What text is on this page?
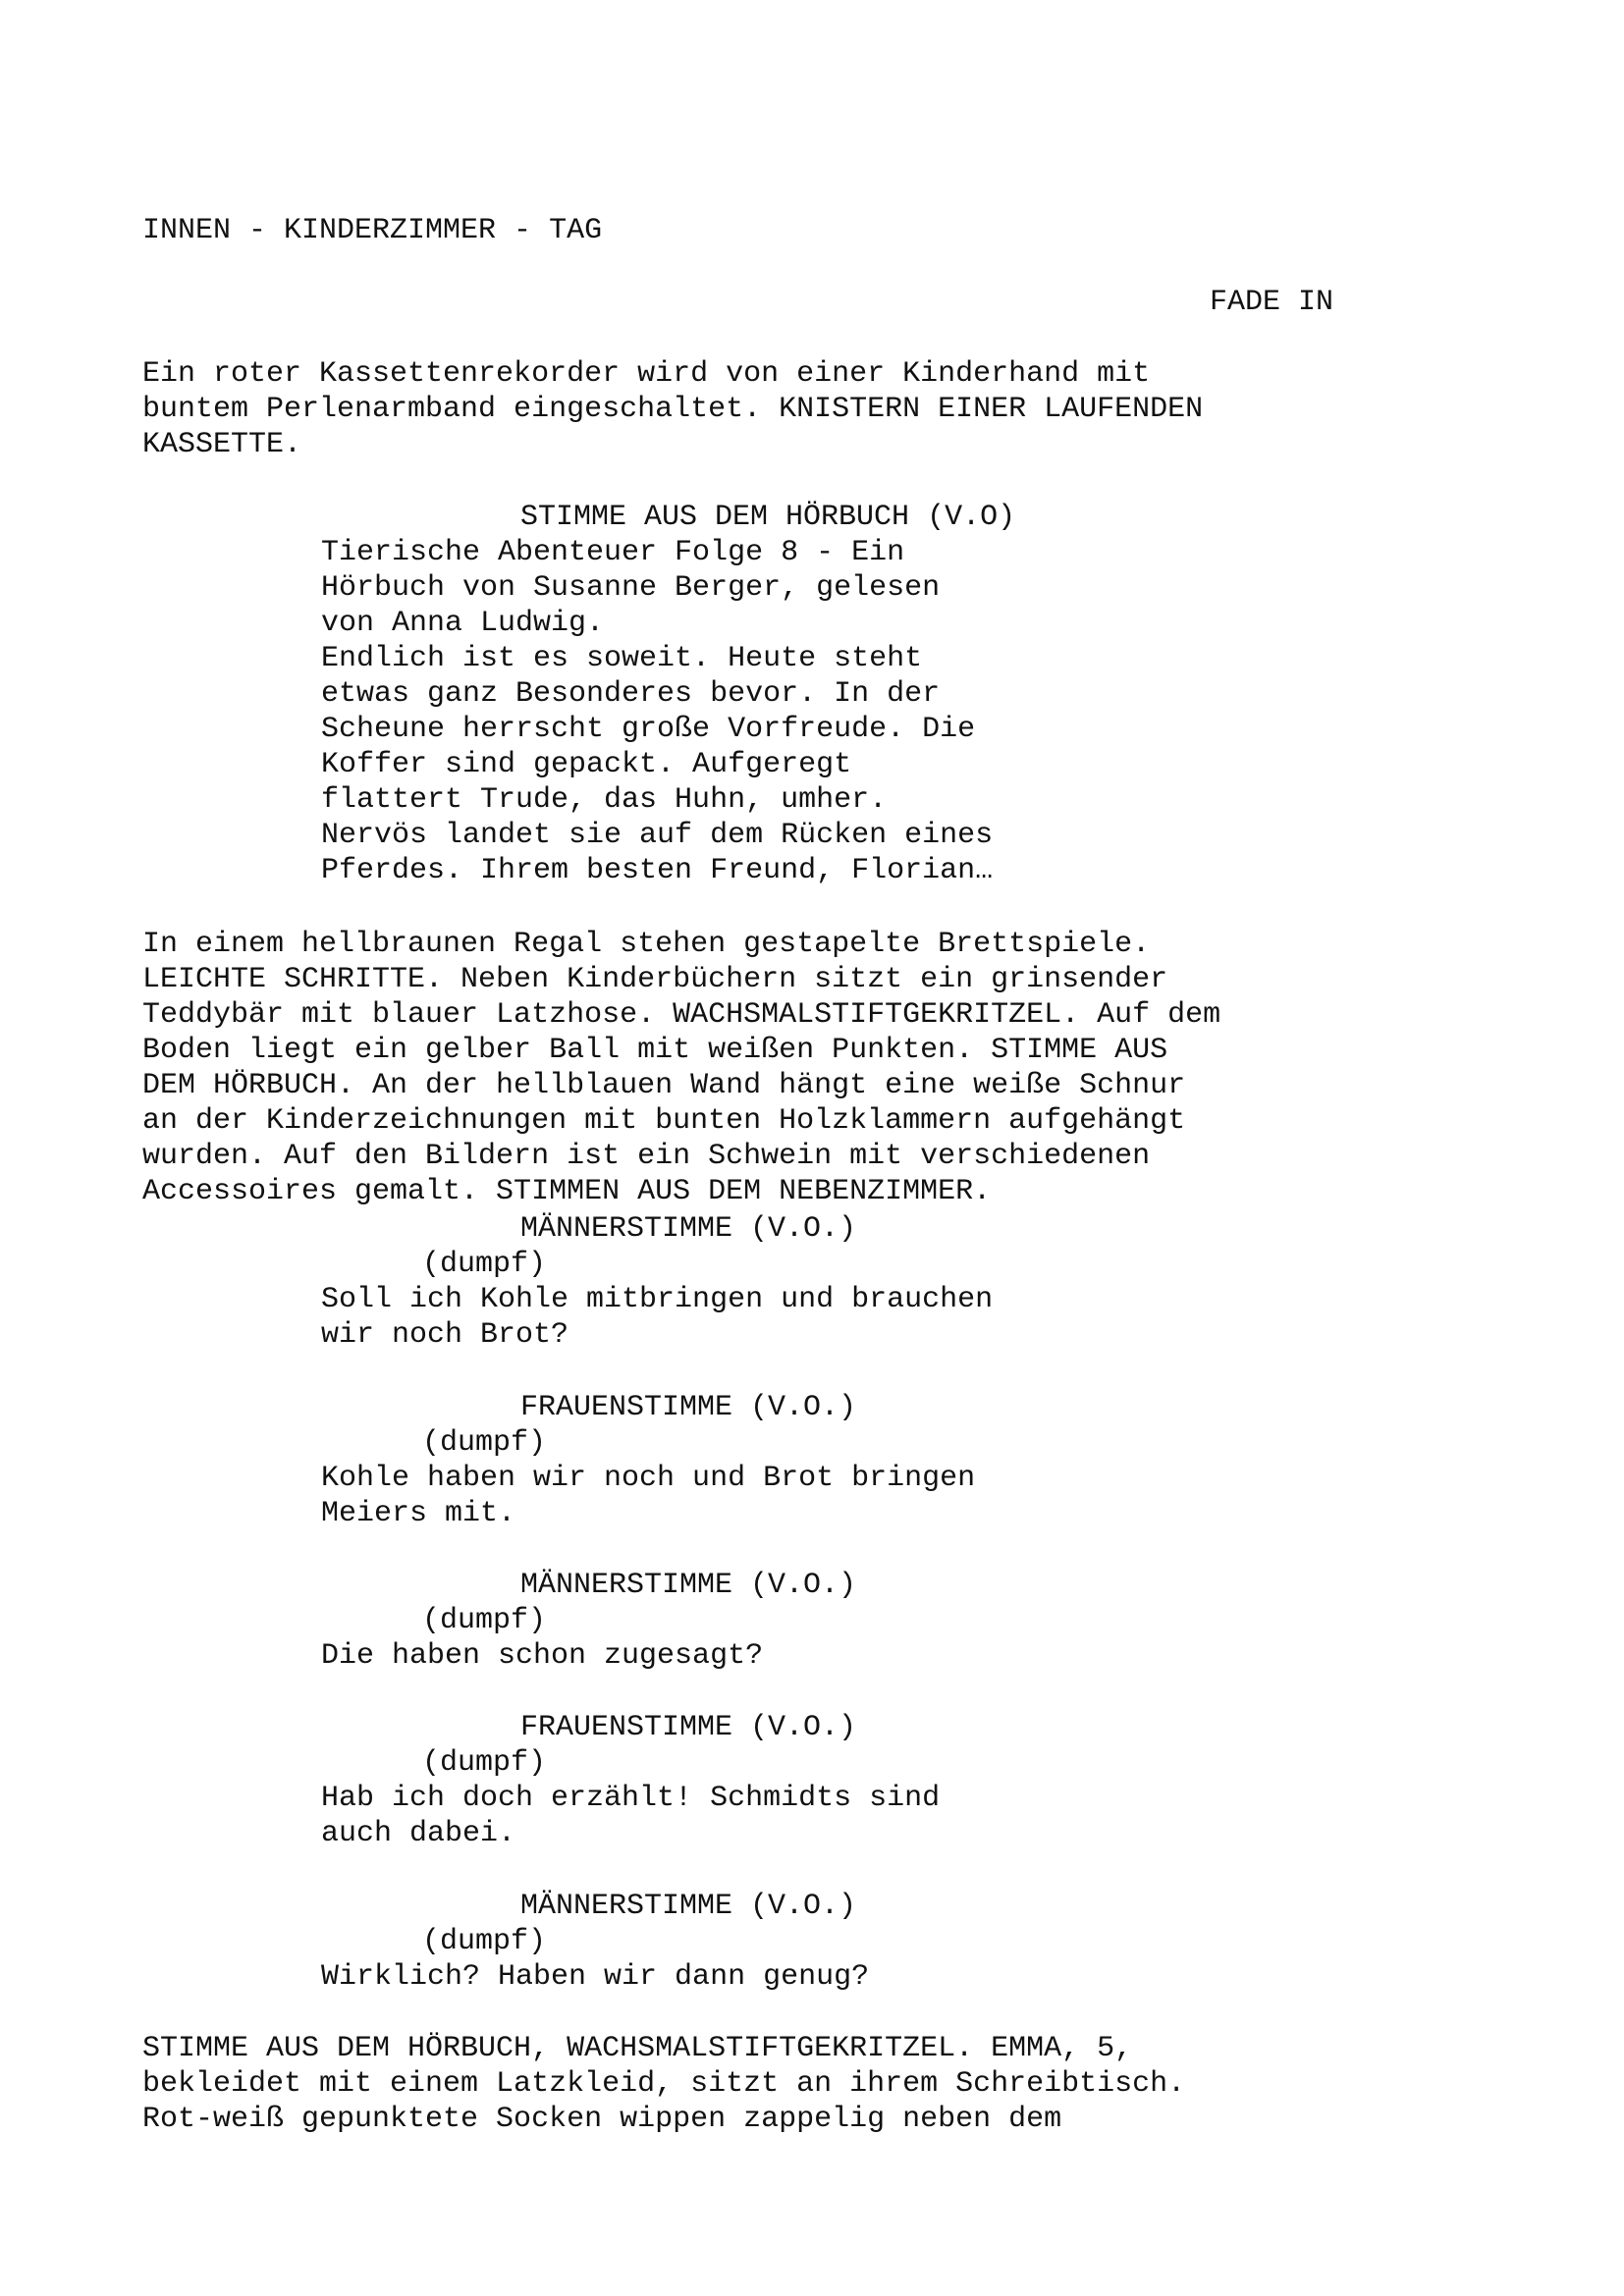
INNEN - KINDERZIMMER - TAG
FADE IN
Ein roter Kassettenrekorder wird von einer Kinderhand mit
buntem Perlenarmband eingeschaltet. KNISTERN EINER LAUFENDEN
KASSETTE.
STIMME AUS DEM HÖRBUCH (V.O)
Tierische Abenteuer Folge 8 - Ein
Hörbuch von Susanne Berger, gelesen
von Anna Ludwig.
Endlich ist es soweit. Heute steht
etwas ganz Besonderes bevor. In der
Scheune herrscht große Vorfreude. Die
Koffer sind gepackt. Aufgeregt
flattert Trude, das Huhn, umher.
Nervös landet sie auf dem Rücken eines
Pferdes. Ihrem besten Freund, Florian…
In einem hellbraunen Regal stehen gestapelte Brettspiele.
LEICHTE SCHRITTE. Neben Kinderbüchern sitzt ein grinsender
Teddybär mit blauer Latzhose. WACHSMALSTIFTGEKRITZEL. Auf dem
Boden liegt ein gelber Ball mit weißen Punkten. STIMME AUS
DEM HÖRBUCH. An der hellblauen Wand hängt eine weiße Schnur
an der Kinderzeichnungen mit bunten Holzklammern aufgehängt
wurden. Auf den Bildern ist ein Schwein mit verschiedenen
Accessoires gemalt. STIMMEN AUS DEM NEBENZIMMER.
MÄNNERSTIMME (V.O.)
(dumpf)
Soll ich Kohle mitbringen und brauchen
wir noch Brot?
FRAUENSTIMME (V.O.)
(dumpf)
Kohle haben wir noch und Brot bringen
Meiers mit.
MÄNNERSTIMME (V.O.)
(dumpf)
Die haben schon zugesagt?
FRAUENSTIMME (V.O.)
(dumpf)
Hab ich doch erzählt! Schmidts sind
auch dabei.
MÄNNERSTIMME (V.O.)
(dumpf)
Wirklich? Haben wir dann genug?
STIMME AUS DEM HÖRBUCH, WACHSMALSTIFTGEKRITZEL. EMMA, 5,
bekleidet mit einem Latzkleid, sitzt an ihrem Schreibtisch.
Rot-weiß gepunktete Socken wippen zappelig neben dem
